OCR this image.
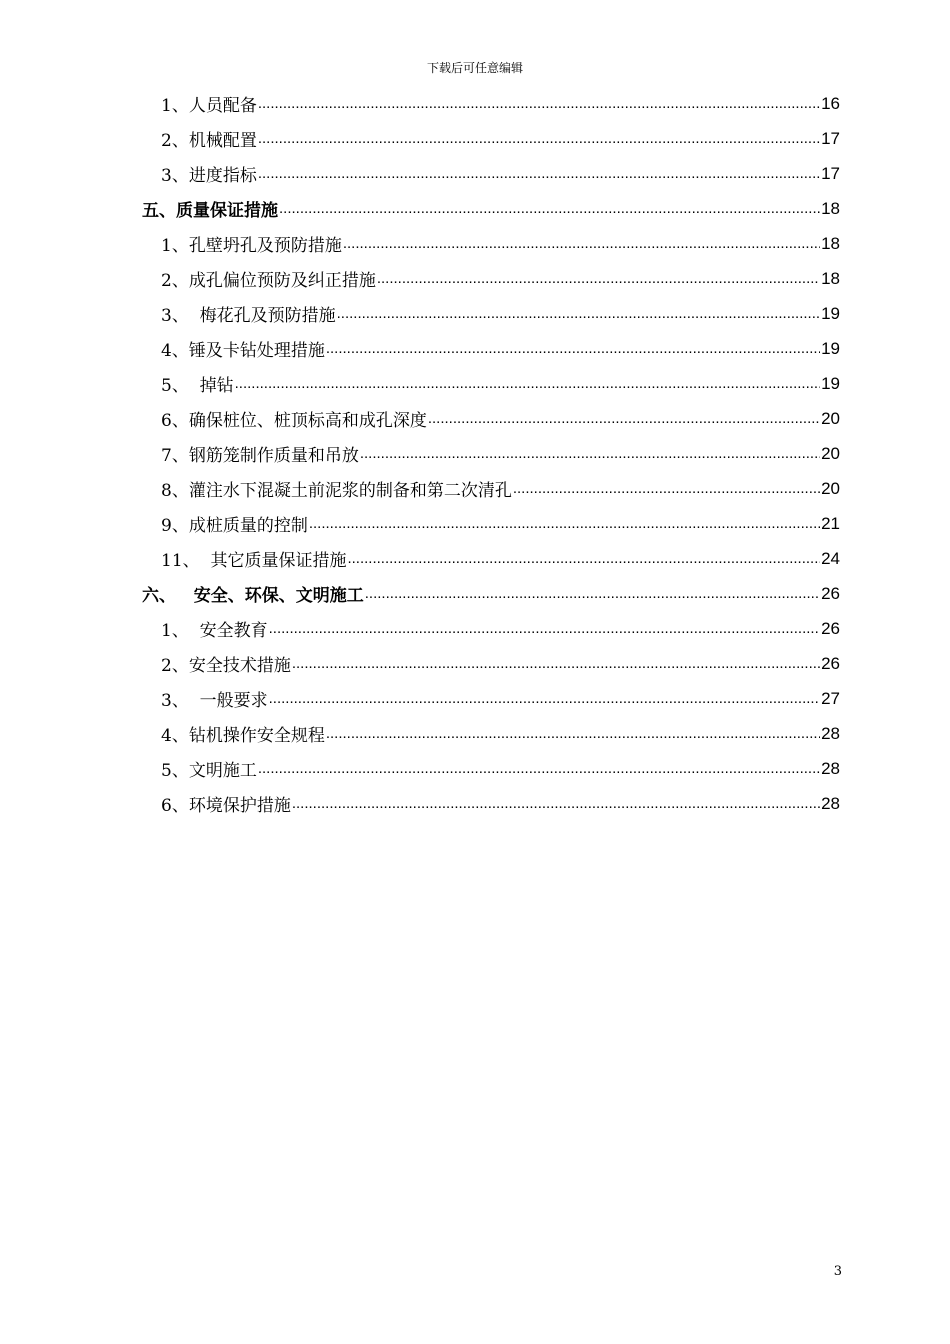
下载后可任意编辑
1、人员配备 .....	16
2、机械配置 .....	17
3、进度指标 .....	17
五、质量保证措施 .....	18
1、孔壁坍孔及预防措施 .....	18
2、成孔偏位预防及纠正措施 .....	18
3、  梅花孔及预防措施 .....	19
4、锤及卡钻处理措施 .....	19
5、  掉钻 .....	19
6、确保桩位、桩顶标高和成孔深度 .....	20
7、钢筋笼制作质量和吊放 .....	20
8、灌注水下混凝土前泥浆的制备和第二次清孔 .....	20
9、成桩质量的控制 .....	21
11、  其它质量保证措施 .....	24
六、   安全、环保、文明施工 .....	26
1、  安全教育 .....	26
2、安全技术措施 .....	26
3、  一般要求 .....	27
4、钻机操作安全规程 .....	28
5、文明施工 .....	28
6、环境保护措施 .....	28
3
